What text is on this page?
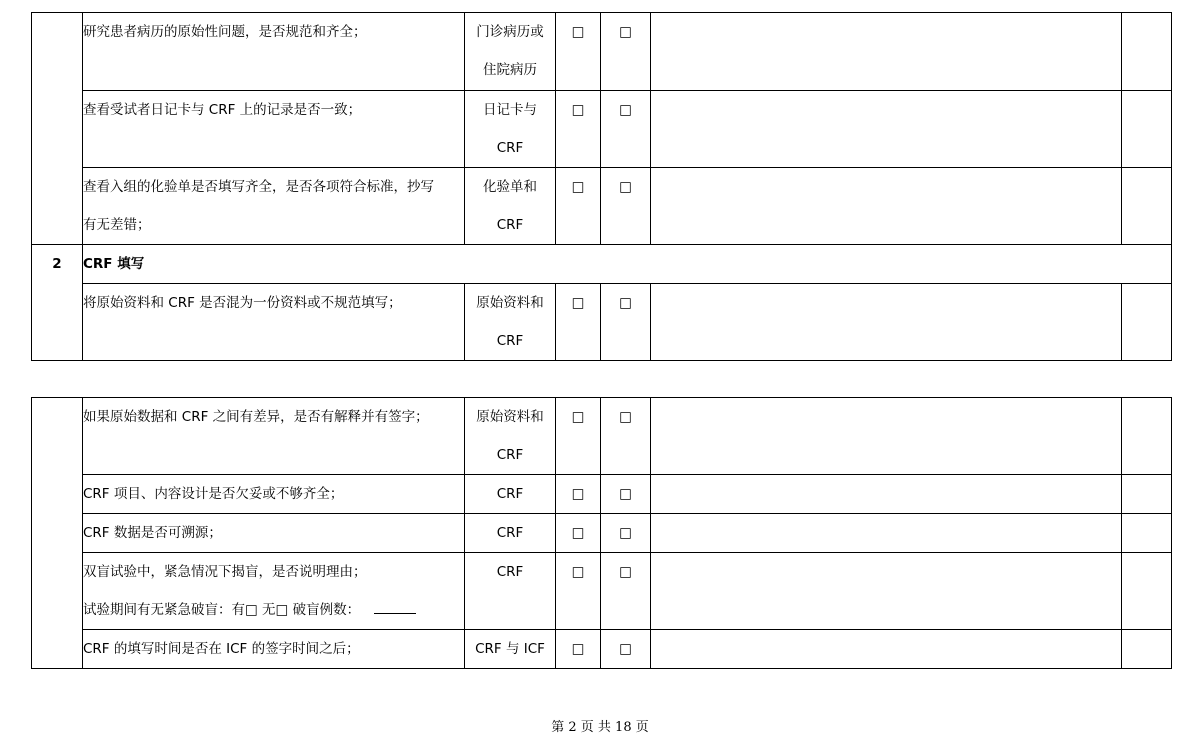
	研究患者病历的原始性问题，是否规范和齐全；	门诊病历或
住院病历	□	□		

	查看受试者日记卡与 CRF 上的记录是否一致；	日记卡与
CRF	□	□		

	查看入组的化验单是否填写齐全，是否各项符合标准，抄写
有无差错；	化验单和
CRF	□	□		
2	CRF 填写					

	将原始资料和 CRF 是否混为一份资料或不规范填写；	原始资料和
CRF	□	□		

	如果原始数据和 CRF 之间有差异，是否有解释并有签字；	原始资料和
CRF	□	□		

	CRF 项目、内容设计是否欠妥或不够齐全；	CRF	□	□		

	CRF 数据是否可溯源；	CRF	□	□		

	双盲试验中，紧急情况下揭盲，是否说明理由；
试验期间有无紧急破盲：有□ 无□ 破盲例数：	CRF	□	□		

	CRF 的填写时间是否在 ICF 的签字时间之后；	CRF 与 ICF	□	□		
第 2 页 共 18 页
